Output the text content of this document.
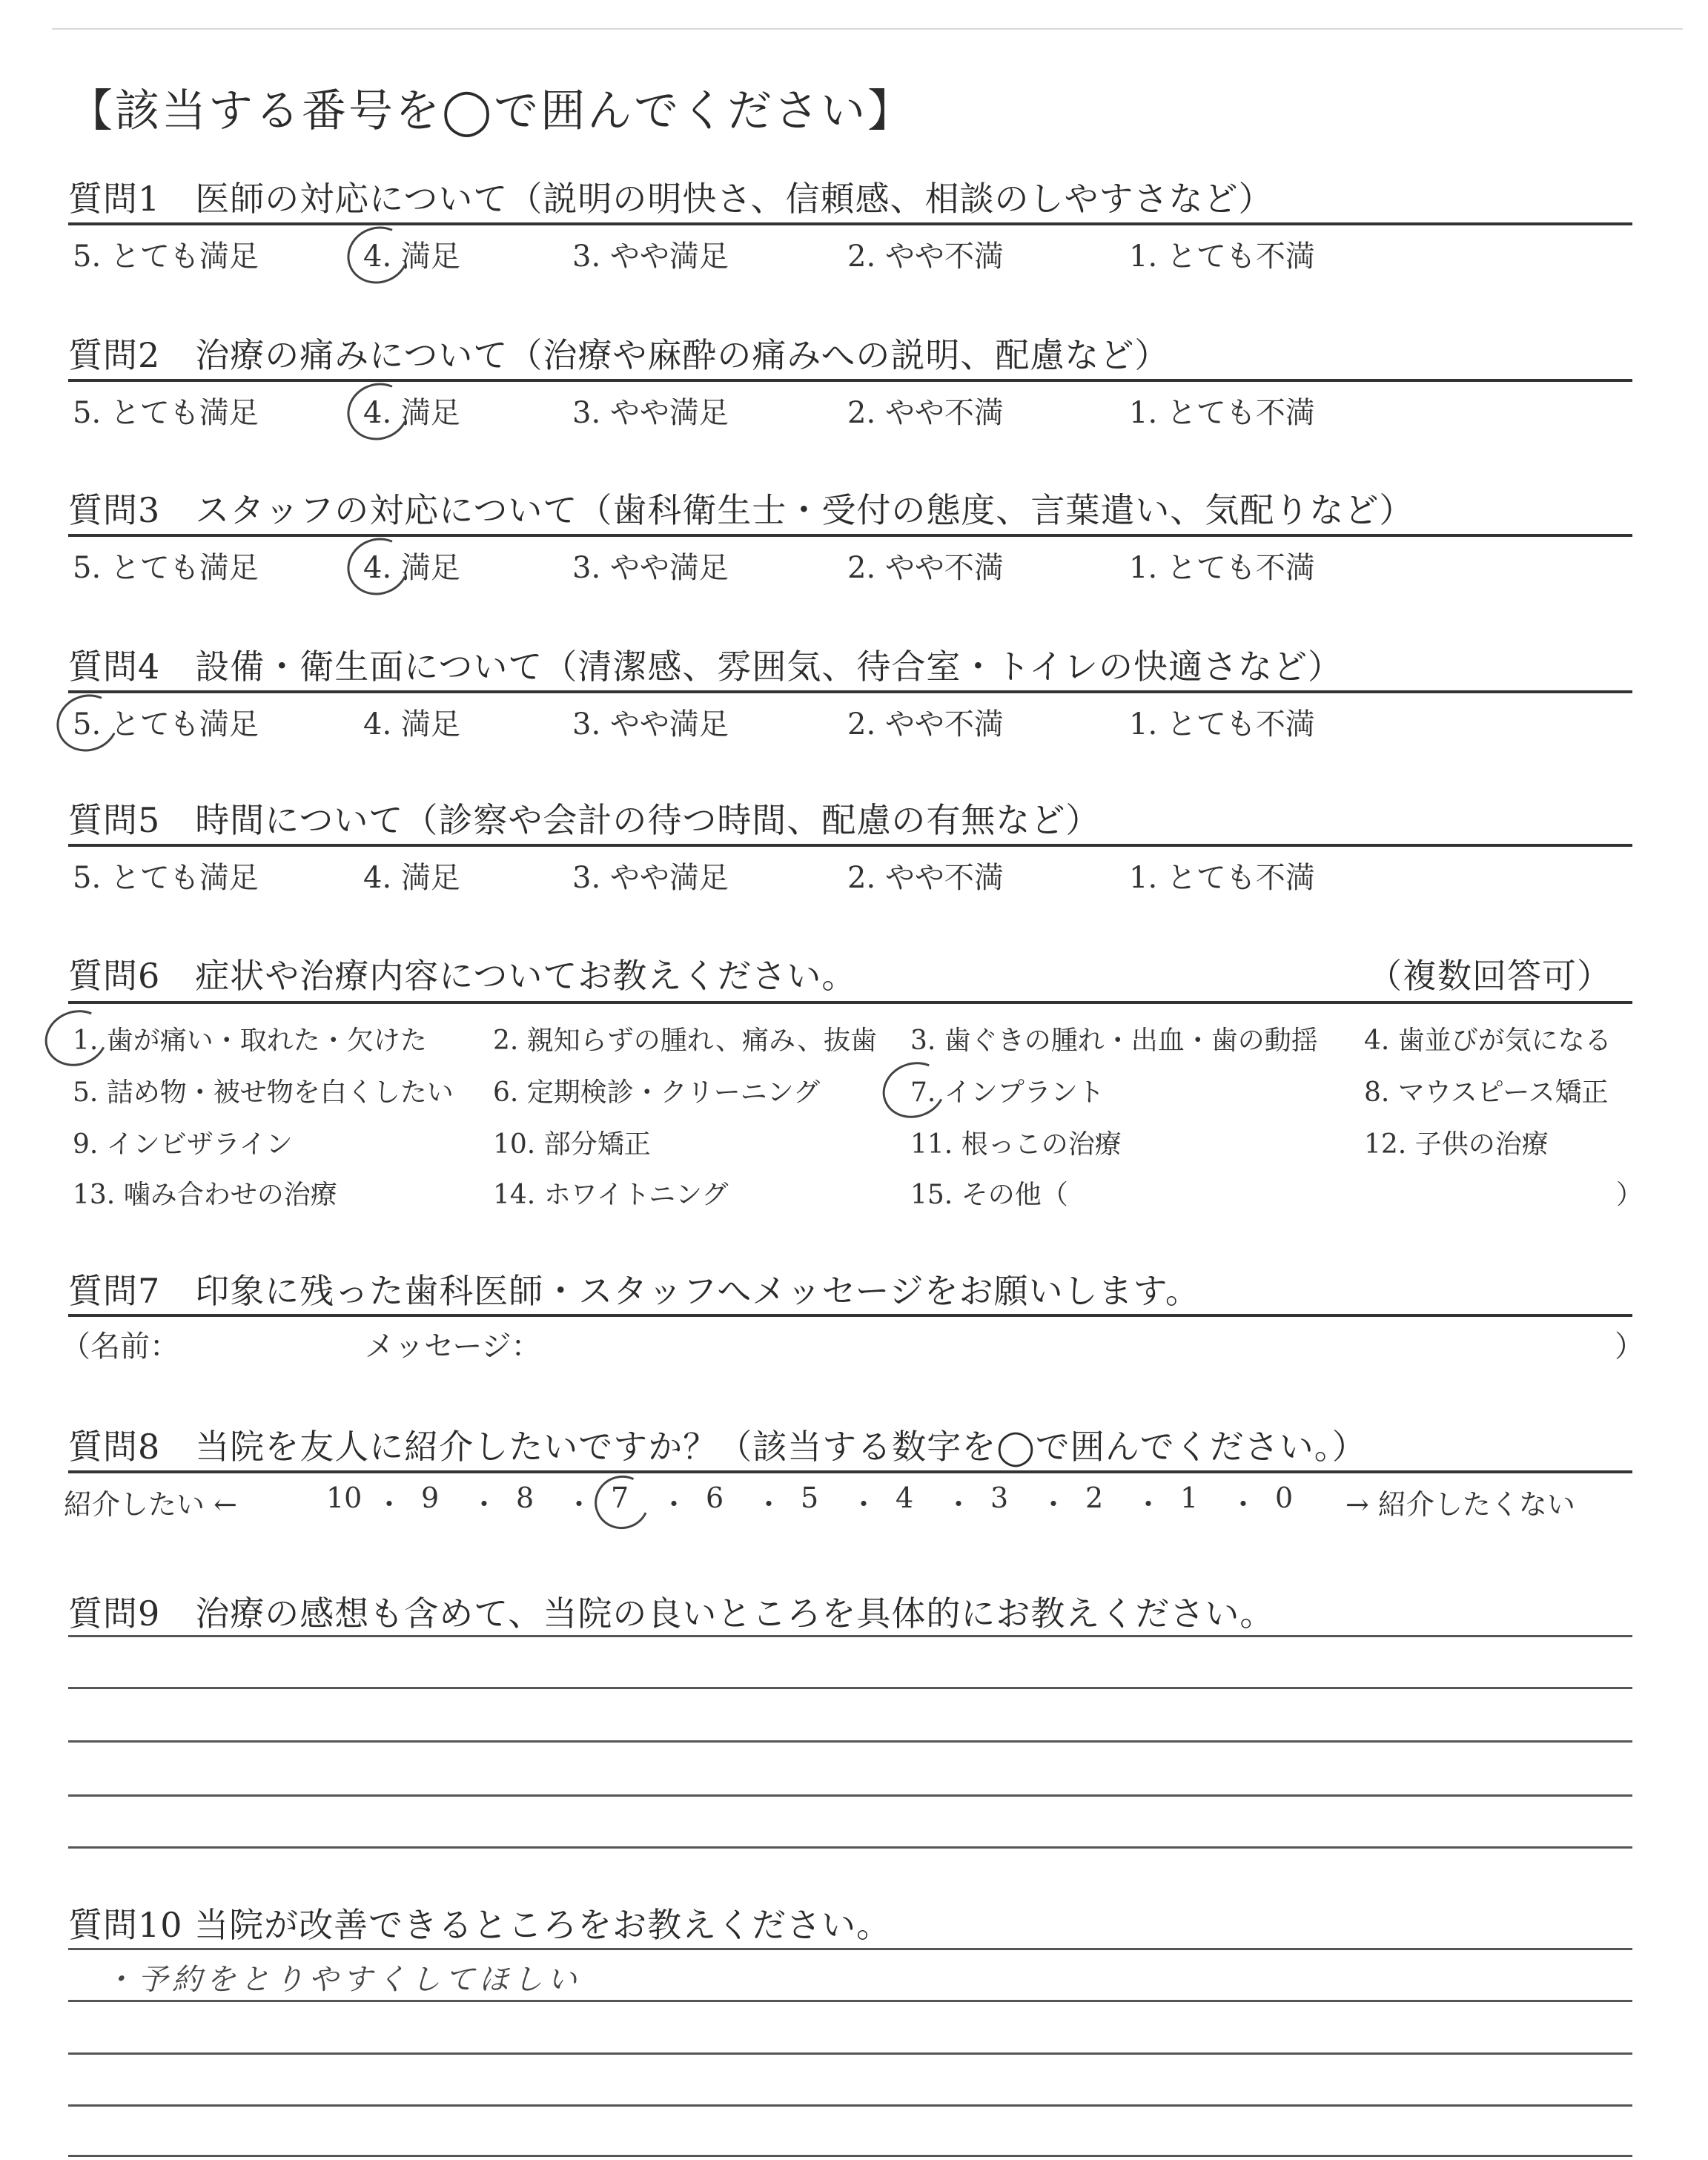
【該当する番号を◯で囲んでください】
質問1　医師の対応について（説明の明快さ、信頼感、相談のしやすさなど）
5. とても満足	4. 満足	3. やや満足	2. やや不満	1. とても不満
質問2　治療の痛みについて（治療や麻酔の痛みへの説明、配慮など）
5. とても満足	4. 満足	3. やや満足	2. やや不満	1. とても不満
質問3　スタッフの対応について（歯科衛生士・受付の態度、言葉遣い、気配りなど）
5. とても満足	4. 満足	3. やや満足	2. やや不満	1. とても不満
質問4　設備・衛生面について（清潔感、雰囲気、待合室・トイレの快適さなど）
5. とても満足	4. 満足	3. やや満足	2. やや不満	1. とても不満
質問5　時間について（診察や会計の待つ時間、配慮の有無など）
5. とても満足	4. 満足	3. やや満足	2. やや不満	1. とても不満
質問6　症状や治療内容についてお教えください。	（複数回答可）
1. 歯が痛い・取れた・欠けた 2. 親知らずの腫れ、痛み、抜歯 3. 歯ぐきの腫れ・出血・歯の動揺 4. 歯並びが気になる
5. 詰め物・被せ物を白くしたい 6. 定期検診・クリーニング	7. インプラント	8. マウスピース矯正
9. インビザライン	10. 部分矯正	11. 根っこの治療	12. 子供の治療
13. 噛み合わせの治療	14. ホワイトニング	15. その他（	）
質問7　印象に残った歯科医師・スタッフへメッセージをお願いします。
（名前：	メッセージ：	）
質問8　当院を友人に紹介したいですか？（該当する数字を◯で囲んでください。）
紹介したい ←	10 ・ 9 ・ 8 ・ 7 ・ 6 ・ 5 ・ 4 ・ 3 ・ 2 ・ 1 ・ 0 → 紹介したくない
質問9　治療の感想も含めて、当院の良いところを具体的にお教えください。
質問10 当院が改善できるところをお教えください。
・予約をとりやすくしてほしい
